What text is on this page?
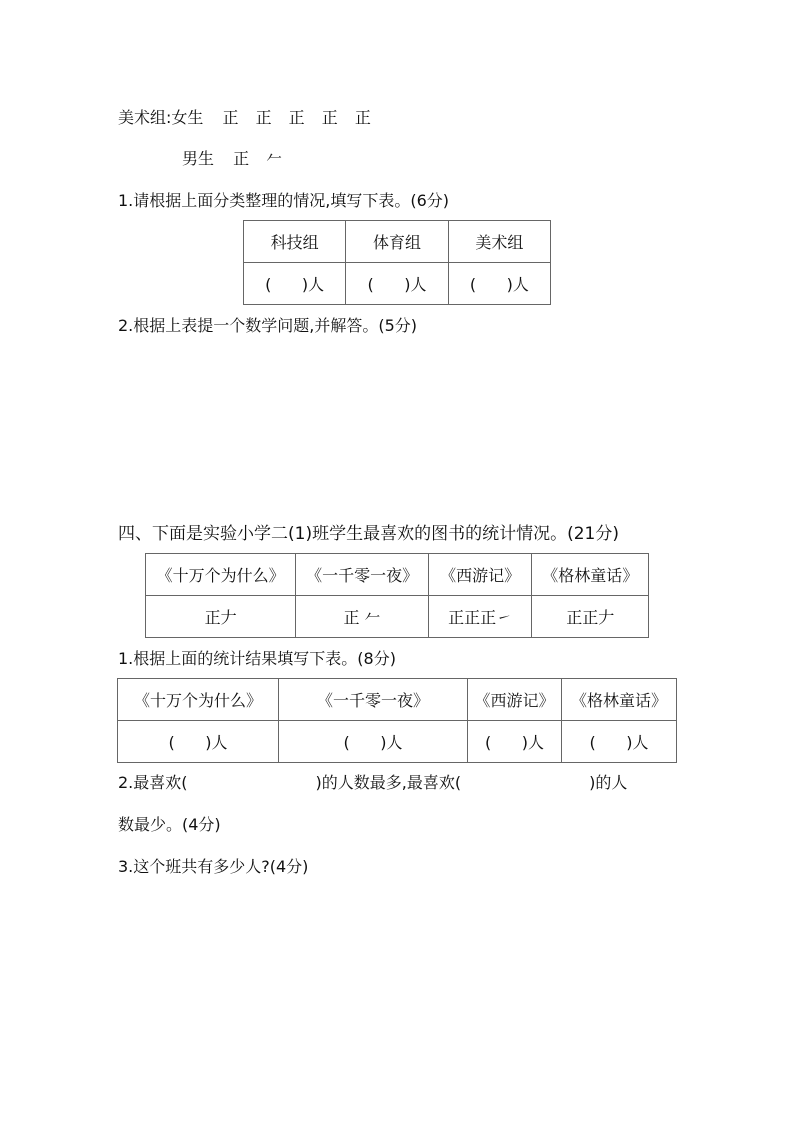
美术组:女生 正 正 正 正 正
男生 正 𠂉
1.请根据上面分类整理的情况,填写下表。(6分)
科技组	体育组	美术组
(      )人	(      )人	(      )人
2.根据上表提一个数学问题,并解答。(5分)
四、下面是实验小学二(1)班学生最喜欢的图书的统计情况。(21分)
《十万个为什么》	《一千零一夜》	《西游记》	《格林童话》
正𠂇	正 𠂉	正正正㇀	正正𠂇
1.根据上面的统计结果填写下表。(8分)
《十万个为什么》	《一千零一夜》	《西游记》	《格林童话》
(      )人	(      )人	(      )人	(      )人
2.最喜欢(	)的人数最多,最喜欢(	)的人
数最少。(4分)
3.这个班共有多少人?(4分)
